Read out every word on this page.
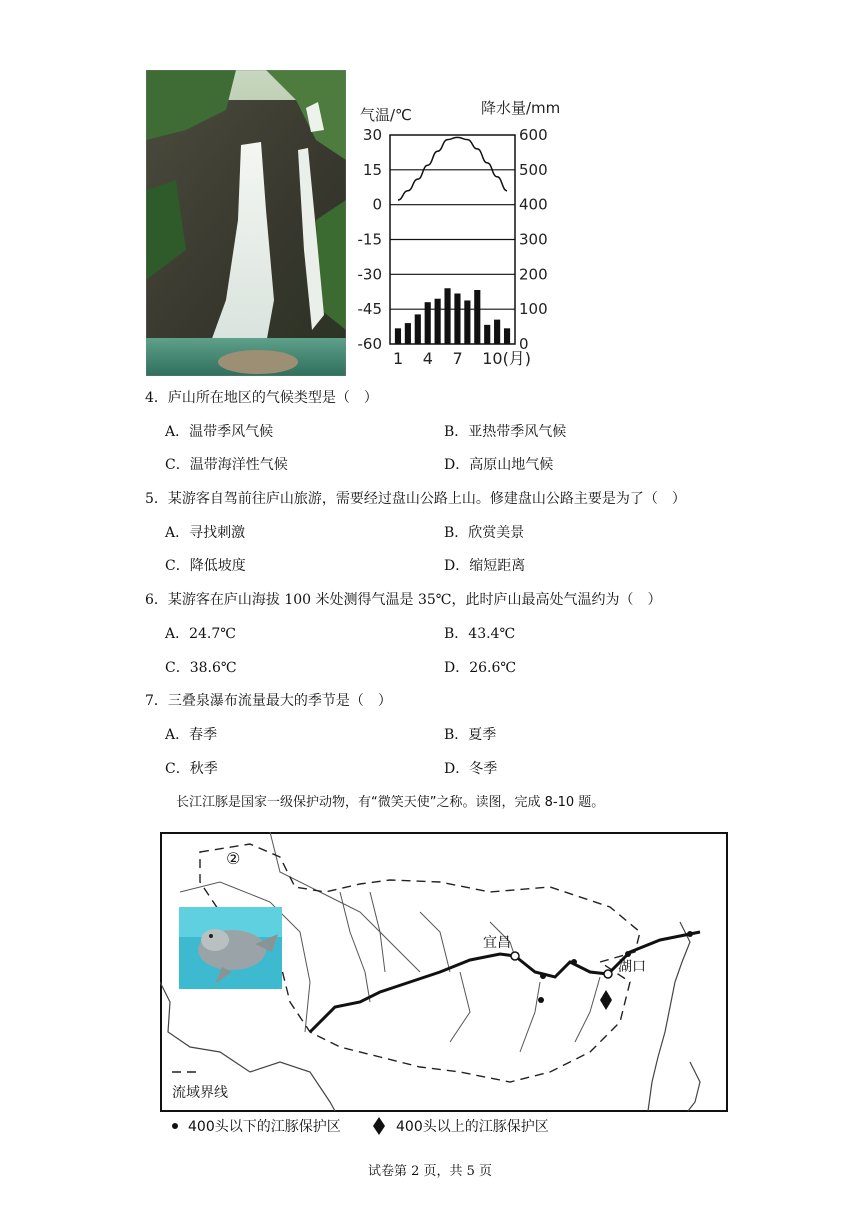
气温/℃	降水量/mm
30
15
0
-15
-30
-45
-60
600
500
400
300
200
100
0
1 4 7 10(月)
4．庐山所在地区的气候类型是（　）
A．温带季风气候	B．亚热带季风气候
C．温带海洋性气候	D．高原山地气候
5．某游客自驾前往庐山旅游，需要经过盘山公路上山。修建盘山公路主要是为了（　）
A．寻找刺激	B．欣赏美景
C．降低坡度	D．缩短距离
6．某游客在庐山海拔 100 米处测得气温是 35℃，此时庐山最高处气温约为（　）
A．24.7℃	B．43.4℃
C．38.6℃	D．26.6℃
7．三叠泉瀑布流量最大的季节是（　）
A．春季	B．夏季
C．秋季	D．冬季
长江江豚是国家一级保护动物，有“微笑天使”之称。读图，完成 8-10 题。
②
宜昌
湖口
流域界线
400头以下的江豚保护区	400头以上的江豚保护区
试卷第 2 页，共 5 页
